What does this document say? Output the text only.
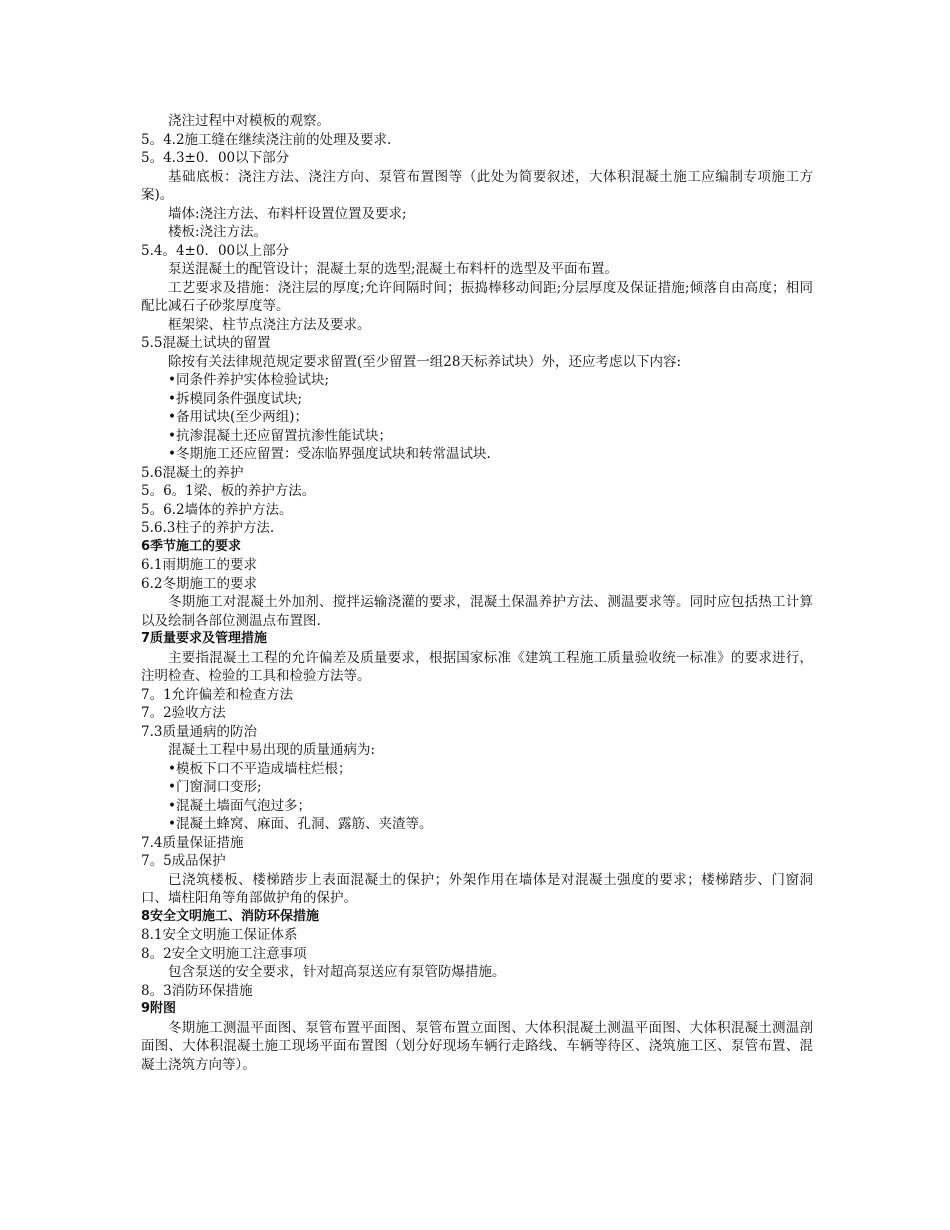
浇注过程中对模板的观察。

5。4.2施工缝在继续浇注前的处理及要求.

5。4.3±0．00以下部分

基础底板：浇注方法、浇注方向、泵管布置图等（此处为简要叙述，大体积混凝土施工应编制专项施工方案)。

墙体:浇注方法、布料杆设置位置及要求;

楼板:浇注方法。

5.4。4±0．00以上部分

泵送混凝土的配管设计；混凝土泵的选型;混凝土布料杆的选型及平面布置。

工艺要求及措施：浇注层的厚度;允许间隔时间；振捣棒移动间距;分层厚度及保证措施;倾落自由高度；相同配比减石子砂浆厚度等。

框架梁、柱节点浇注方法及要求。

5.5混凝土试块的留置

除按有关法律规范规定要求留置(至少留置一组28天标养试块）外，还应考虑以下内容:

•同条件养护实体检验试块;

•拆模同条件强度试块;

•备用试块(至少两组)；

•抗渗混凝土还应留置抗渗性能试块；

•冬期施工还应留置：受冻临界强度试块和转常温试块.

5.6混凝土的养护

5。6。1梁、板的养护方法。

5。6.2墙体的养护方法。

5.6.3柱子的养护方法.

6季节施工的要求

6.1雨期施工的要求

6.2冬期施工的要求

冬期施工对混凝土外加剂、搅拌运输浇灌的要求，混凝土保温养护方法、测温要求等。同时应包括热工计算以及绘制各部位测温点布置图.

7质量要求及管理措施

主要指混凝土工程的允许偏差及质量要求，根据国家标准《建筑工程施工质量验收统一标准》的要求进行，注明检查、检验的工具和检验方法等。

7。1允许偏差和检查方法

7。2验收方法

7.3质量通病的防治

混凝土工程中易出现的质量通病为:

•模板下口不平造成墙柱烂根；

•门窗洞口变形;

•混凝土墙面气泡过多；

•混凝土蜂窝、麻面、孔洞、露筋、夹渣等。

7.4质量保证措施

7。5成品保护

已浇筑楼板、楼梯踏步上表面混凝土的保护；外架作用在墙体是对混凝土强度的要求；楼梯踏步、门窗洞口、墙柱阳角等角部做护角的保护。

8安全文明施工、消防环保措施

8.1安全文明施工保证体系

8。2安全文明施工注意事项

包含泵送的安全要求，针对超高泵送应有泵管防爆措施。

8。3消防环保措施

9附图

冬期施工测温平面图、泵管布置平面图、泵管布置立面图、大体积混凝土测温平面图、大体积混凝土测温剖面图、大体积混凝土施工现场平面布置图（划分好现场车辆行走路线、车辆等待区、浇筑施工区、泵管布置、混凝土浇筑方向等）。
